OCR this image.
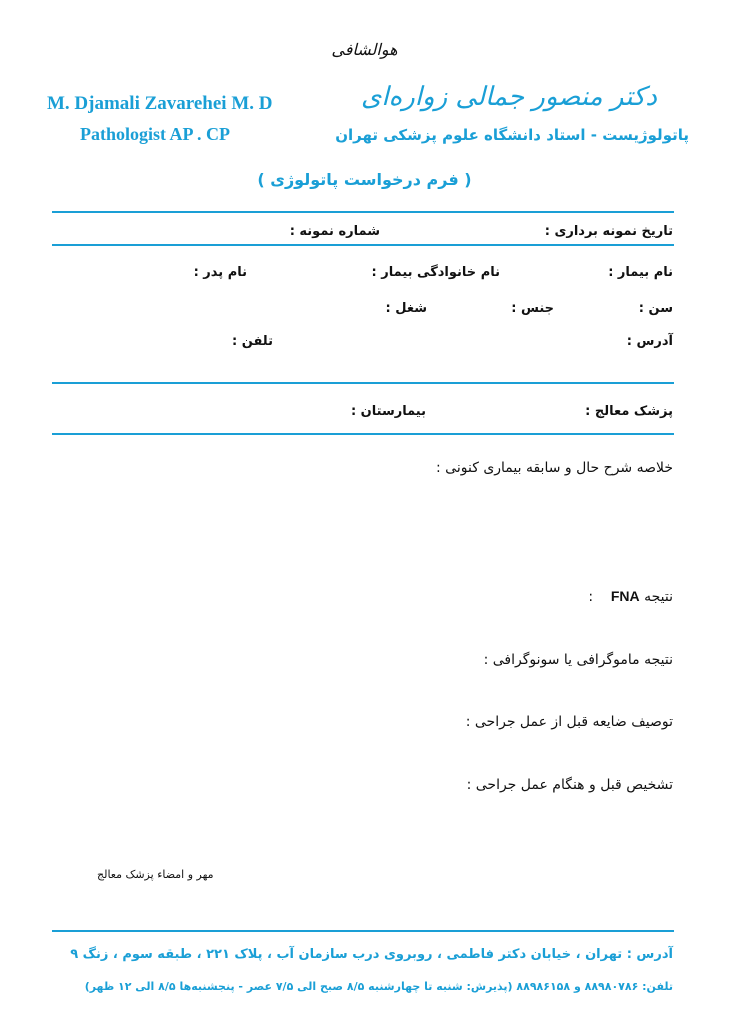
هوالشافی
دکتر منصور جمالی زواره‌ای
پاتولوژیست - استاد دانشگاه علوم پزشکی تهران
M. Djamali Zavarehei M. D
Pathologist AP . CP
( فرم درخواست پاتولوژی )
تاریخ نمونه برداری :
شماره نمونه :
نام بیمار :
نام خانوادگی بیمار :
نام پدر :
سن :
جنس :
شغل :
آدرس :
تلفن :
پزشک معالج :
بیمارستان :
خلاصه شرح حال و سابقه بیماری کنونی :
نتیجه FNA    :
نتیجه ماموگرافی یا سونوگرافی :
توصیف ضایعه قبل از عمل جراحی :
تشخیص قبل و هنگام عمل جراحی :
مهر و امضاء پزشک معالج
آدرس : تهران ، خیابان دکتر فاطمی ، روبروی درب سازمان آب ، پلاک ۲۲۱ ، طبقه سوم ، زنگ ۹
تلفن: ۸۸۹۸۰۷۸۶ و ۸۸۹۸۶۱۵۸ (پذیرش: شنبه تا چهارشنبه ۸/۵ صبح الی ۷/۵ عصر - پنجشنبه‌ها ۸/۵ الی ۱۲ ظهر)
